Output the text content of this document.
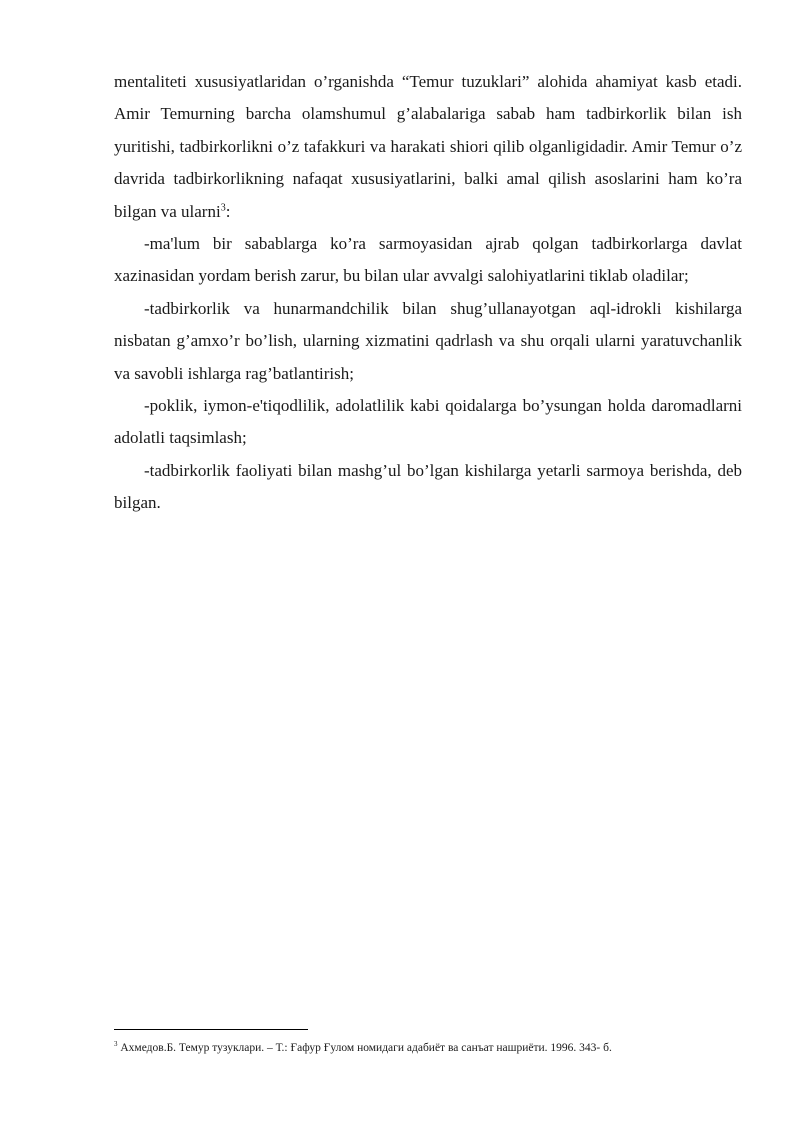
mentaliteti xususiyatlaridan o’rganishda “Temur tuzuklari” alohida ahamiyat kasb etadi. Amir Temurning barcha olamshumul g’alabalariga sabab ham tadbirkorlik bilan ish yuritishi, tadbirkorlikni o’z tafakkuri va harakati shiori qilib olganligidadir. Amir Temur o’z davrida tadbirkorlikning nafaqat xususiyatlarini, balki amal qilish asoslarini ham ko’ra bilgan va ularni$^3$:

-ma'lum bir sabablarga ko’ra sarmoyasidan ajrab qolgan tadbirkorlarga davlat xazinasidan yordam berish zarur, bu bilan ular avvalgi salohiyatlarini tiklab oladilar;

-tadbirkorlik va hunarmandchilik bilan shug’ullanayotgan aql-idrokli kishilarga nisbatan g’amxo’r bo’lish, ularning xizmatini qadrlash va shu orqali ularni yaratuvchanlik va savobli ishlarga rag’batlantirish;

-poklik, iymon-e'tiqodlilik, adolatlilik kabi qoidalarga bo’ysungan holda daromadlarni adolatli taqsimlash;

-tadbirkorlik faoliyati bilan mashg’ul bo’lgan kishilarga yetarli sarmoya berishda, deb bilgan.

$^3$ Ахмедов.Б. Темур тузуклари. – Т.: Ғафур Ғулом номидаги адабиёт ва санъат нашриёти. 1996. 343- б.
